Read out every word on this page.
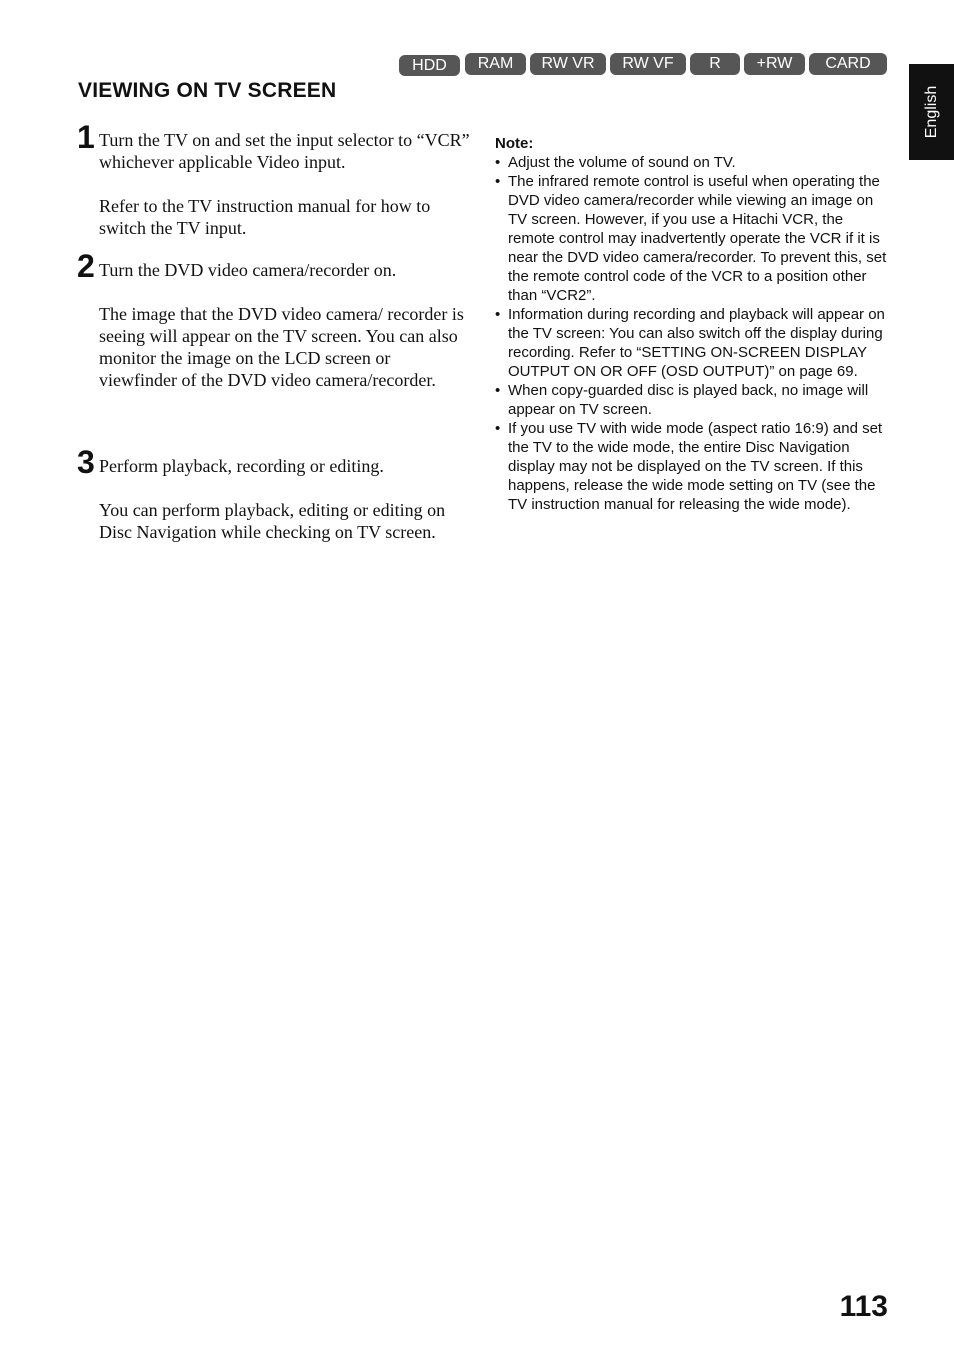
HDD	RAM	RW VR	RW VF	R	+RW	CARD
English
VIEWING ON TV SCREEN
1 Turn the TV on and set the input selector to “VCR” whichever applicable Video input.

Refer to the TV instruction manual for how to switch the TV input.

2 Turn the DVD video camera/recorder on.

The image that the DVD video camera/ recorder is seeing will appear on the TV screen. You can also monitor the image on the LCD screen or viewfinder of the DVD video camera/recorder.

3 Perform playback, recording or editing.

You can perform playback, editing or editing on Disc Navigation while checking on TV screen.

Note:
• Adjust the volume of sound on TV.
• The infrared remote control is useful when operating the DVD video camera/recorder while viewing an image on TV screen. However, if you use a Hitachi VCR, the remote control may inadvertently operate the VCR if it is near the DVD video camera/recorder. To prevent this, set the remote control code of the VCR to a position other than “VCR2”.
• Information during recording and playback will appear on the TV screen: You can also switch off the display during recording. Refer to “SETTING ON-SCREEN DISPLAY OUTPUT ON OR OFF (OSD OUTPUT)” on page 69.
• When copy-guarded disc is played back, no image will appear on TV screen.
• If you use TV with wide mode (aspect ratio 16:9) and set the TV to the wide mode, the entire Disc Navigation display may not be displayed on the TV screen. If this happens, release the wide mode setting on TV (see the TV instruction manual for releasing the wide mode).
113
